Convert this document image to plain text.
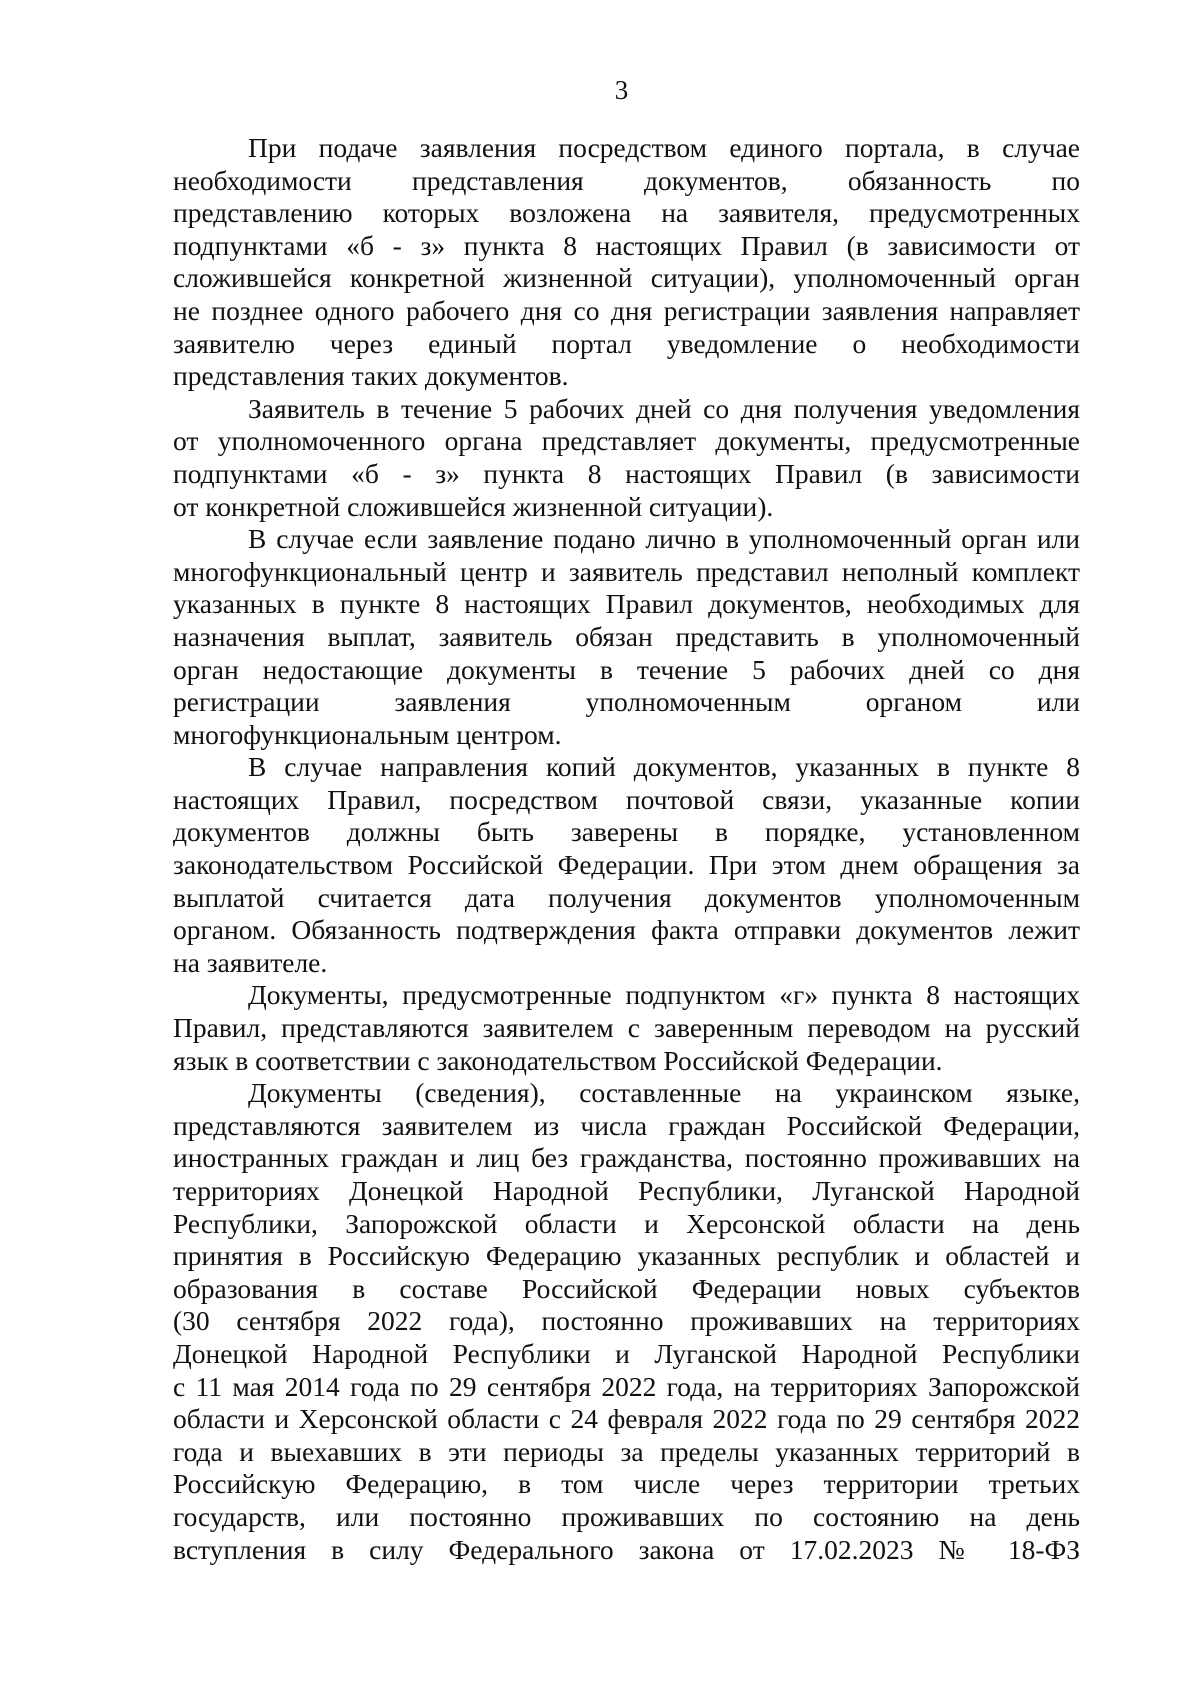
3
При подаче заявления посредством единого портала, в случае
необходимости представления документов, обязанность по
представлению которых возложена на заявителя, предусмотренных
подпунктами «б - з» пункта 8 настоящих Правил (в зависимости от
сложившейся конкретной жизненной ситуации), уполномоченный орган
не позднее одного рабочего дня со дня регистрации заявления направляет
заявителю через единый портал уведомление о необходимости
представления таких документов.
Заявитель в течение 5 рабочих дней со дня получения уведомления
от уполномоченного органа представляет документы, предусмотренные
подпунктами «б - з» пункта 8 настоящих Правил (в зависимости
от конкретной сложившейся жизненной ситуации).
В случае если заявление подано лично в уполномоченный орган или
многофункциональный центр и заявитель представил неполный комплект
указанных в пункте 8 настоящих Правил документов, необходимых для
назначения выплат, заявитель обязан представить в уполномоченный
орган недостающие документы в течение 5 рабочих дней со дня
регистрации заявления уполномоченным органом или
многофункциональным центром.
В случае направления копий документов, указанных в пункте 8
настоящих Правил, посредством почтовой связи, указанные копии
документов должны быть заверены в порядке, установленном
законодательством Российской Федерации. При этом днем обращения за
выплатой считается дата получения документов уполномоченным
органом. Обязанность подтверждения факта отправки документов лежит
на заявителе.
Документы, предусмотренные подпунктом «г» пункта 8 настоящих
Правил, представляются заявителем с заверенным переводом на русский
язык в соответствии с законодательством Российской Федерации.
Документы (сведения), составленные на украинском языке,
представляются заявителем из числа граждан Российской Федерации,
иностранных граждан и лиц без гражданства, постоянно проживавших на
территориях Донецкой Народной Республики, Луганской Народной
Республики, Запорожской области и Херсонской области на день
принятия в Российскую Федерацию указанных республик и областей и
образования в составе Российской Федерации новых субъектов
(30 сентября 2022 года), постоянно проживавших на территориях
Донецкой Народной Республики и Луганской Народной Республики
с 11 мая 2014 года по 29 сентября 2022 года, на территориях Запорожской
области и Херсонской области с 24 февраля 2022 года по 29 сентября 2022
года и выехавших в эти периоды за пределы указанных территорий в
Российскую Федерацию, в том числе через территории третьих
государств, или постоянно проживавших по состоянию на день
вступления в силу Федерального закона от 17.02.2023 № 18-ФЗ
